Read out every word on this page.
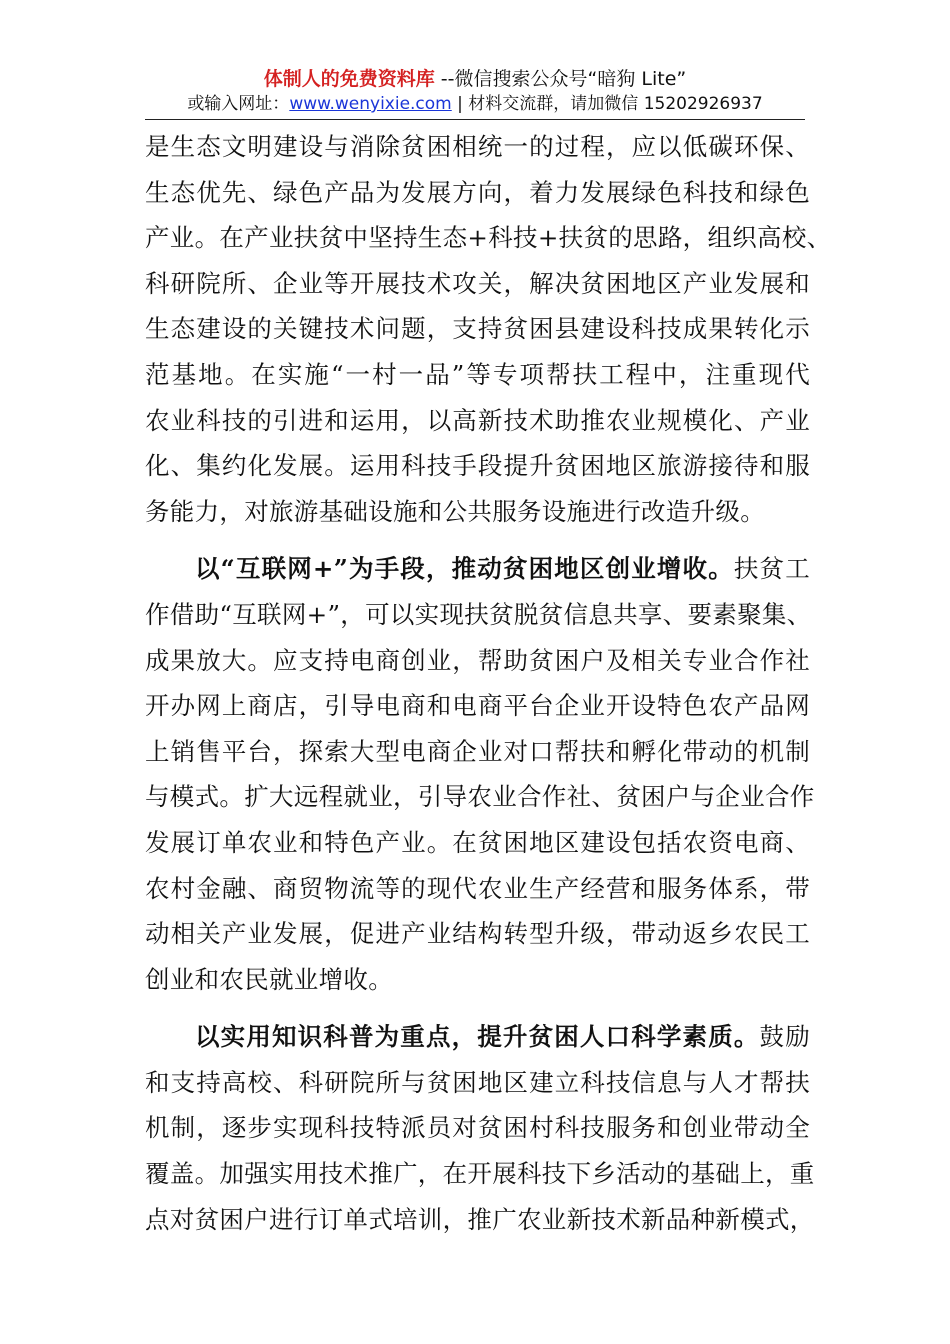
体制人的免费资料库 --微信搜索公众号“暗狗 Lite”
或输入网址：www.wenyixie.com | 材料交流群，请加微信 15202926937
是生态文明建设与消除贫困相统一的过程，应以低碳环保、
生态优先、绿色产品为发展方向，着力发展绿色科技和绿色
产业。在产业扶贫中坚持生态+科技+扶贫的思路，组织高校、
科研院所、企业等开展技术攻关，解决贫困地区产业发展和
生态建设的关键技术问题，支持贫困县建设科技成果转化示
范基地。在实施“一村一品”等专项帮扶工程中，注重现代
农业科技的引进和运用，以高新技术助推农业规模化、产业
化、集约化发展。运用科技手段提升贫困地区旅游接待和服
务能力，对旅游基础设施和公共服务设施进行改造升级。
以“互联网+”为手段，推动贫困地区创业增收。扶贫工
作借助“互联网+”，可以实现扶贫脱贫信息共享、要素聚集、
成果放大。应支持电商创业，帮助贫困户及相关专业合作社
开办网上商店，引导电商和电商平台企业开设特色农产品网
上销售平台，探索大型电商企业对口帮扶和孵化带动的机制
与模式。扩大远程就业，引导农业合作社、贫困户与企业合作
发展订单农业和特色产业。在贫困地区建设包括农资电商、
农村金融、商贸物流等的现代农业生产经营和服务体系，带
动相关产业发展，促进产业结构转型升级，带动返乡农民工
创业和农民就业增收。
以实用知识科普为重点，提升贫困人口科学素质。鼓励
和支持高校、科研院所与贫困地区建立科技信息与人才帮扶
机制，逐步实现科技特派员对贫困村科技服务和创业带动全
覆盖。加强实用技术推广，在开展科技下乡活动的基础上，重
点对贫困户进行订单式培训，推广农业新技术新品种新模式，
